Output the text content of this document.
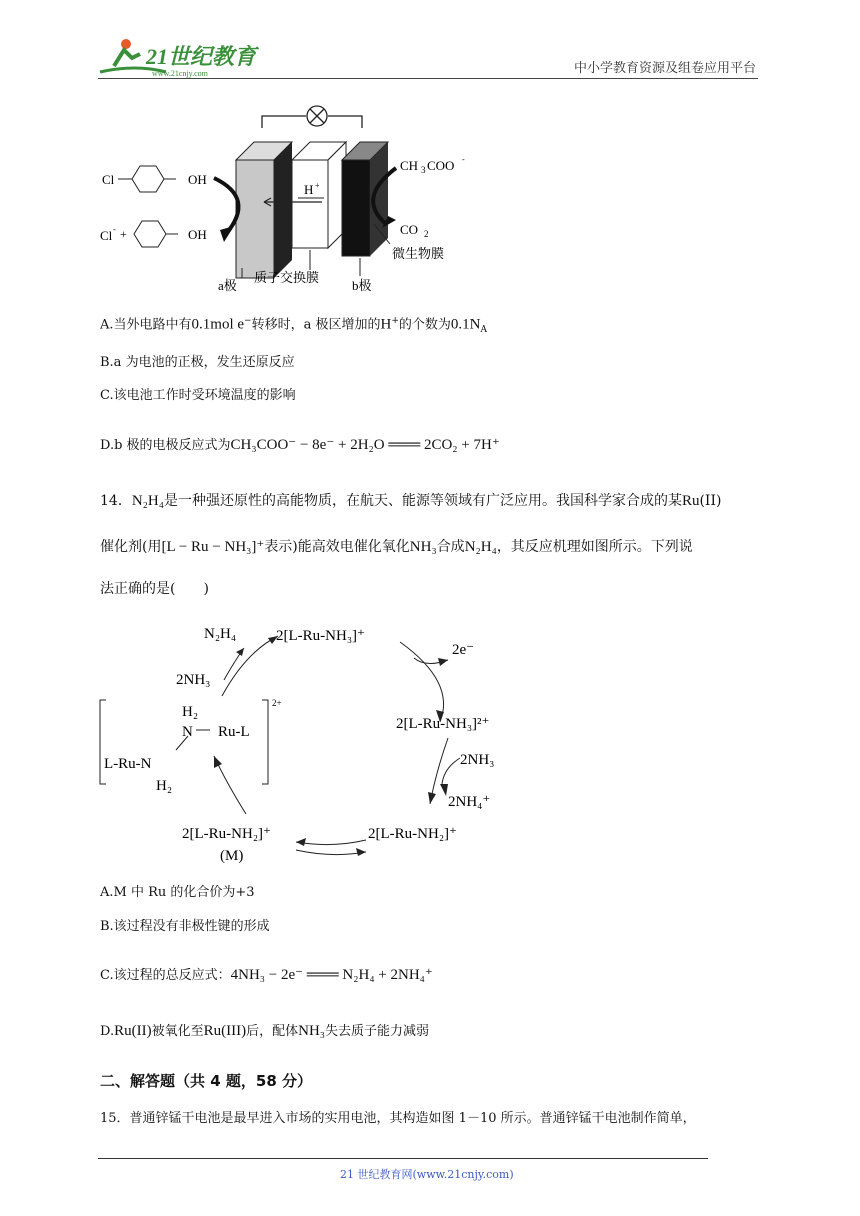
21世纪教育
www.21cnjy.com	中小学教育资源及组卷应用平台
H +
Cl	OH
Cl - +	OH
CH 3 COO -
CO 2
a极
质子交换膜
b极
微生物膜
A.当外电路中有0.1mol e−转移时，a 极区增加的H+的个数为$0.1N_A$
B.a 为电池的正极，发生还原反应
C.该电池工作时受环境温度的影响
D.b 极的电极反应式为CH₃COO⁻ − 8e⁻ + 2H₂O ═══ 2CO₂ + 7H⁺
14．N₂H₄是一种强还原性的高能物质，在航天、能源等领域有广泛应用。我国科学家合成的某Ru(II)
催化剂(用[L − Ru − NH₃]⁺表示)能高效电催化氧化NH₃合成N₂H₄，其反应机理如图所示。下列说
法正确的是(　　)
N₂H₄	2[L-Ru-NH₃]⁺
2e⁻
2NH₃
2[L-Ru-NH₃]²⁺
2NH₃
2NH₄⁺
2[L-Ru-NH₂]⁺
2[L-Ru-NH₂]⁺
(M)
H₂
N Ru-L
L-Ru-N
H₂
2+
A.M 中 Ru 的化合价为+3
B.该过程没有非极性键的形成
C.该过程的总反应式：4NH₃ − 2e⁻ ═══ N₂H₄ + 2NH₄⁺
D.Ru(II)被氧化至Ru(III)后，配体NH₃失去质子能力减弱
二、解答题（共 4 题，58 分）
15．普通锌锰干电池是最早进入市场的实用电池，其构造如图 1－10 所示。普通锌锰干电池制作简单，
21 世纪教育网(www.21cnjy.com)
